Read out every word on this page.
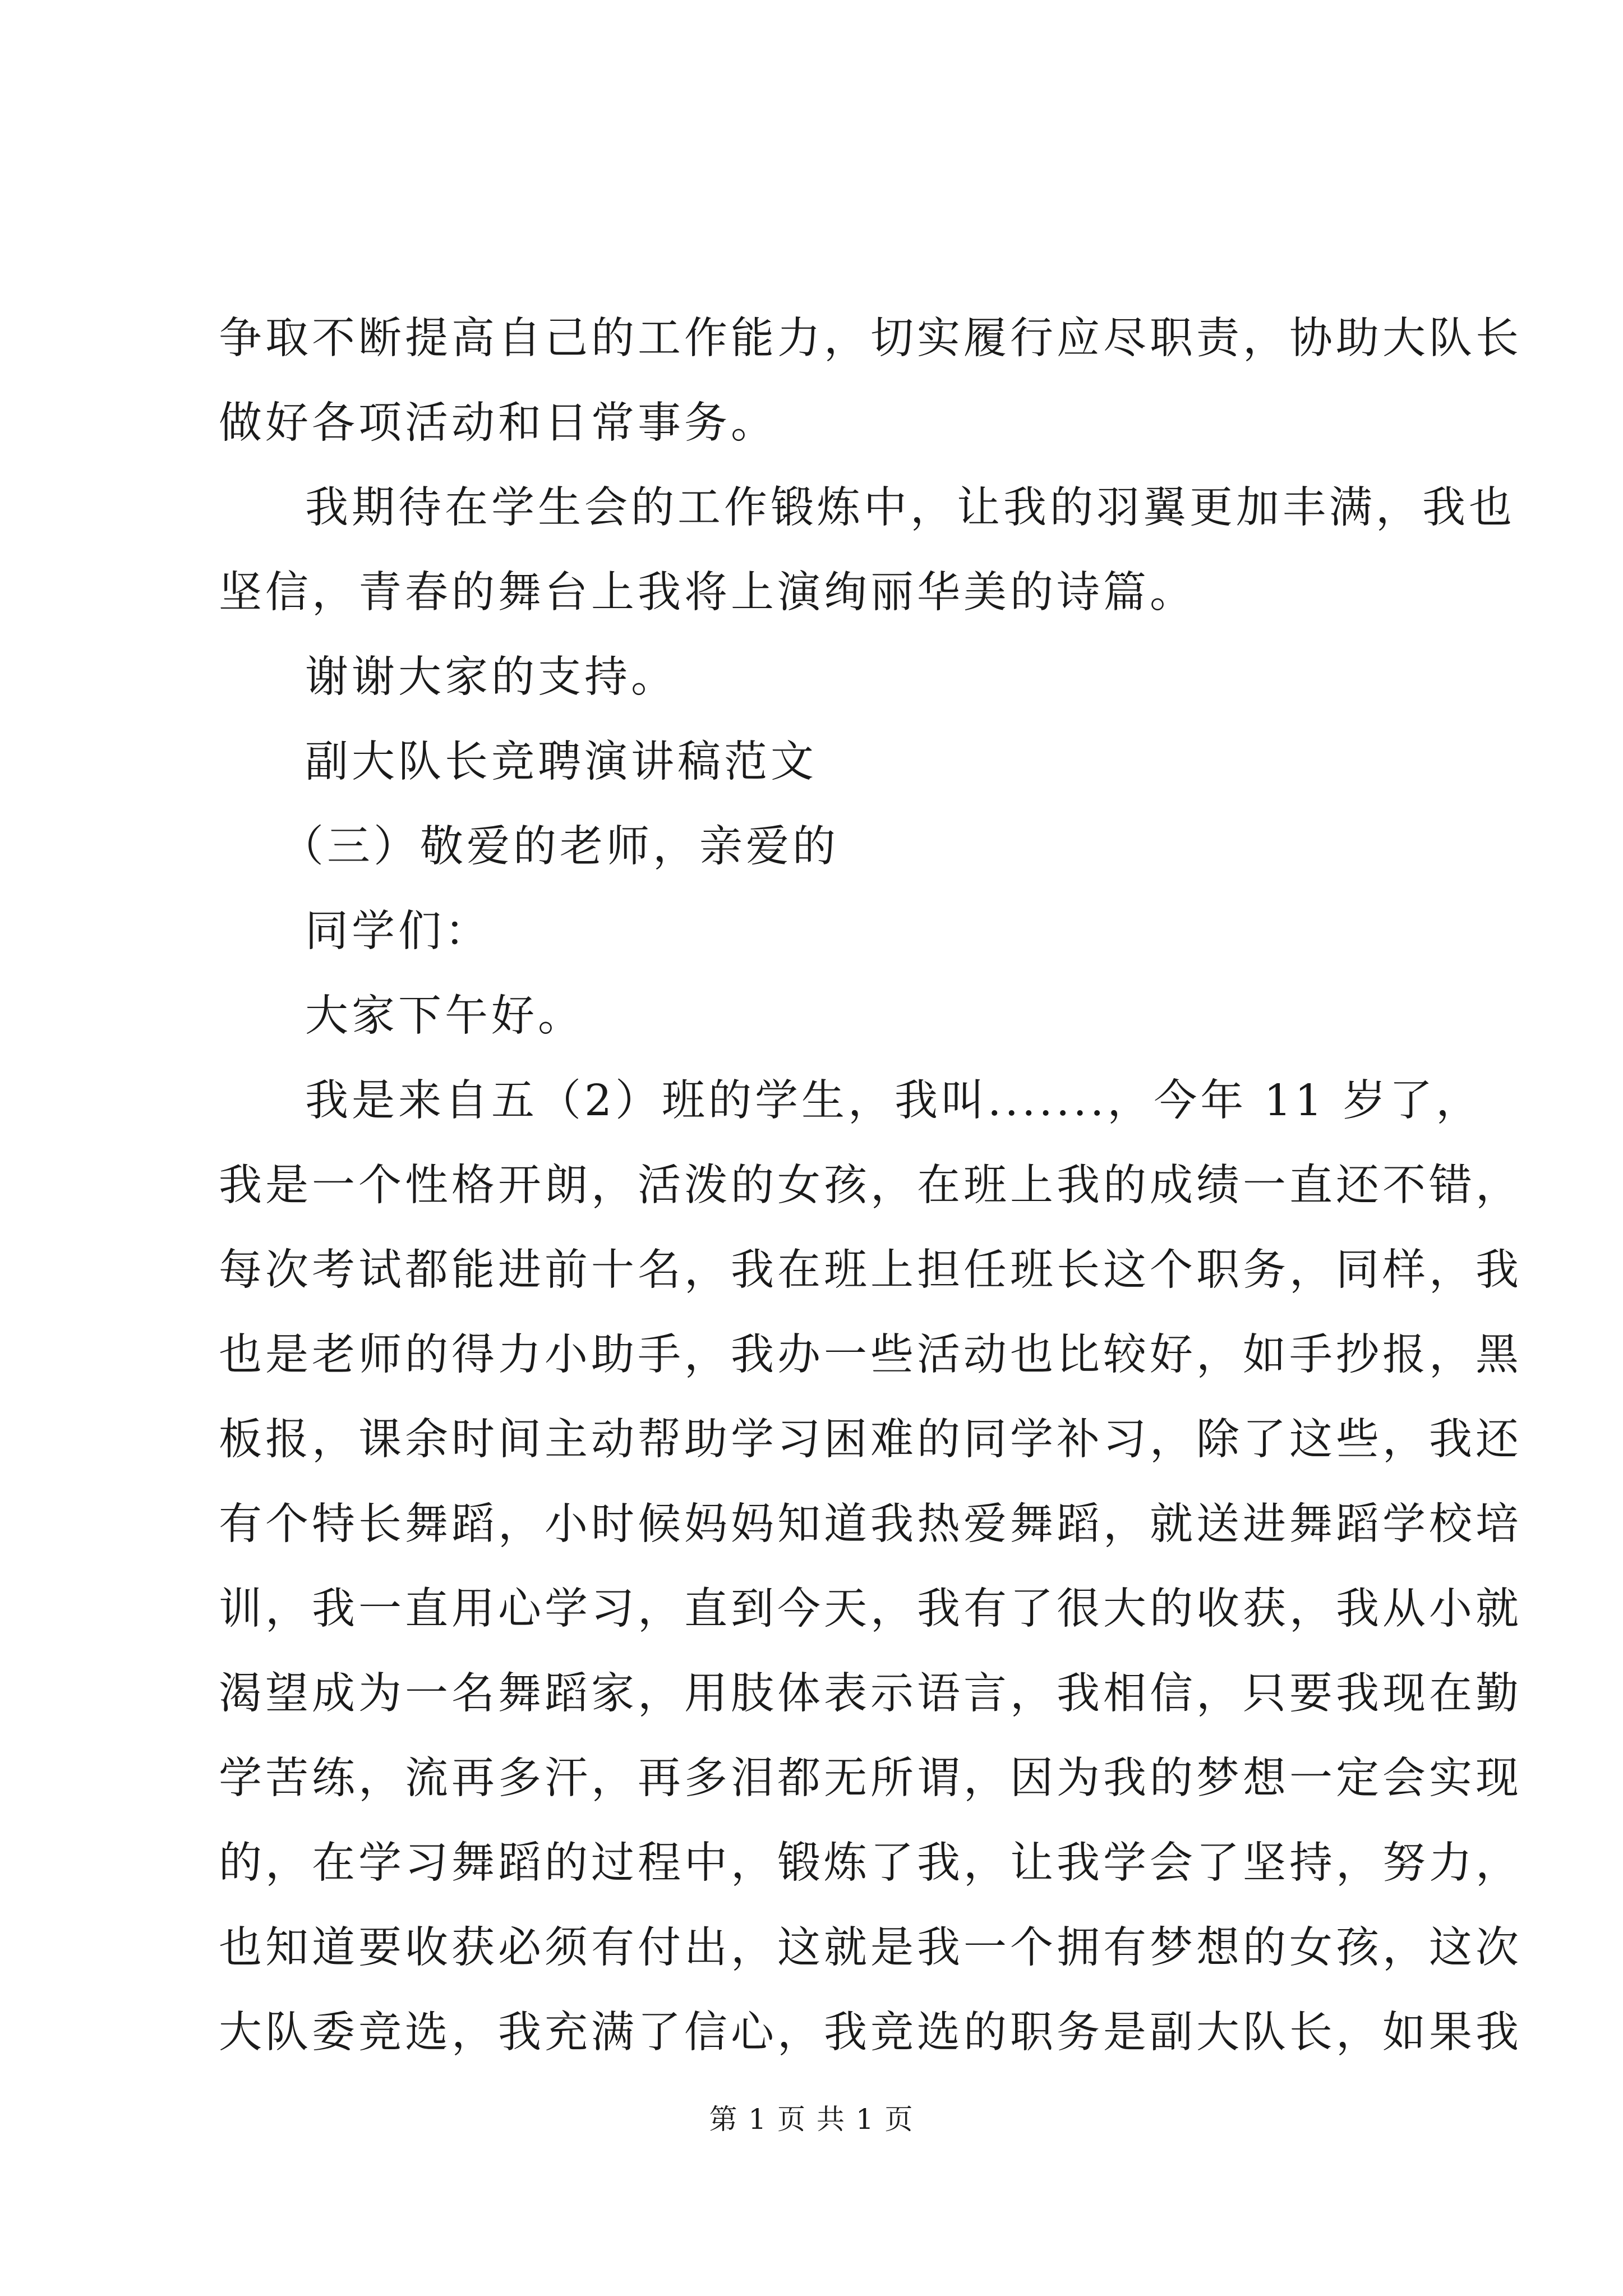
争取不断提高自己的工作能力，切实履行应尽职责，协助大队长
做好各项活动和日常事务。
我期待在学生会的工作锻炼中，让我的羽翼更加丰满，我也
坚信，青春的舞台上我将上演绚丽华美的诗篇。
谢谢大家的支持。
副大队长竞聘演讲稿范文
（三）敬爱的老师，亲爱的
同学们：
大家下午好。
我是来自五（2）班的学生，我叫.......，今年 11 岁了，
我是一个性格开朗，活泼的女孩，在班上我的成绩一直还不错，
每次考试都能进前十名，我在班上担任班长这个职务，同样，我
也是老师的得力小助手，我办一些活动也比较好，如手抄报，黑
板报，课余时间主动帮助学习困难的同学补习，除了这些，我还
有个特长舞蹈，小时候妈妈知道我热爱舞蹈，就送进舞蹈学校培
训，我一直用心学习，直到今天，我有了很大的收获，我从小就
渴望成为一名舞蹈家，用肢体表示语言，我相信，只要我现在勤
学苦练，流再多汗，再多泪都无所谓，因为我的梦想一定会实现
的，在学习舞蹈的过程中，锻炼了我，让我学会了坚持，努力，
也知道要收获必须有付出，这就是我一个拥有梦想的女孩，这次
大队委竞选，我充满了信心，我竞选的职务是副大队长，如果我
第 1 页 共 1 页
